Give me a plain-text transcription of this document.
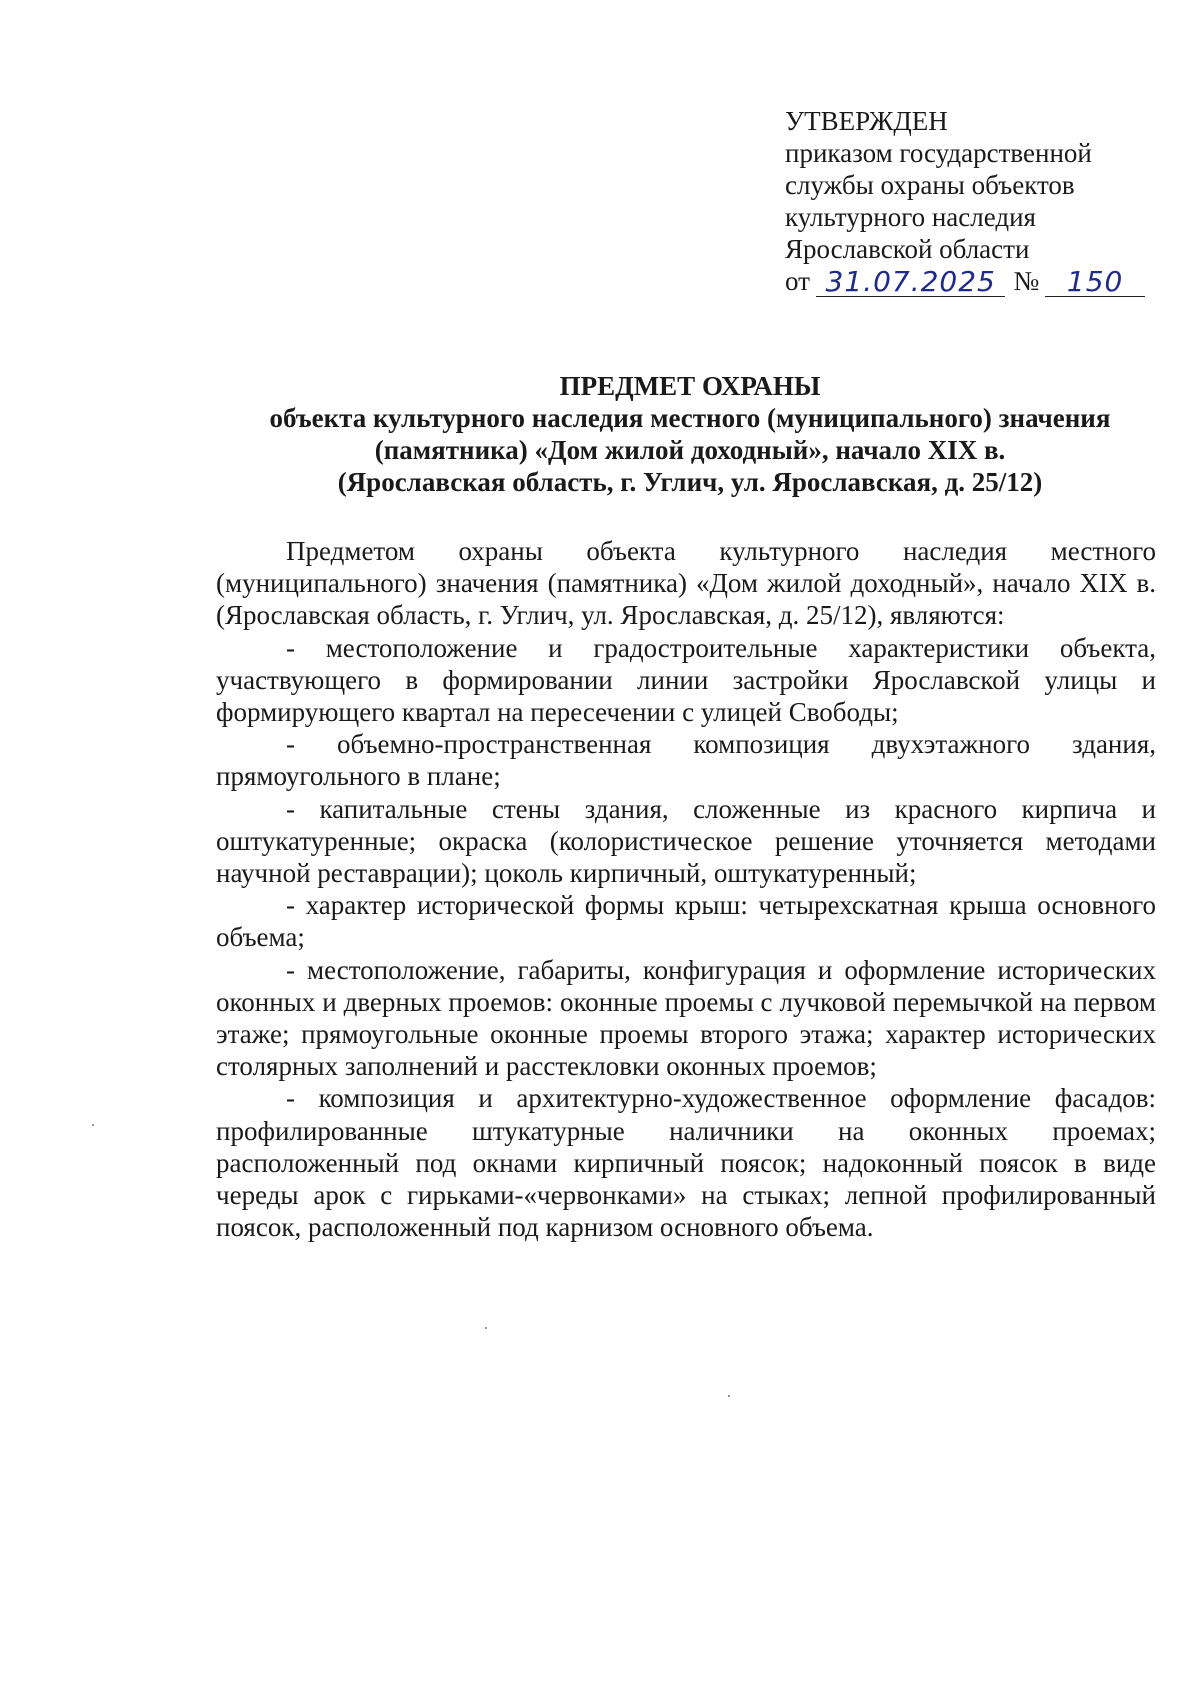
УТВЕРЖДЕН
приказом государственной
службы охраны объектов
культурного наследия
Ярославской области
от 31.07.2025 № 150
ПРЕДМЕТ ОХРАНЫ
объекта культурного наследия местного (муниципального) значения
(памятника) «Дом жилой доходный», начало XIX в.
(Ярославская область, г. Углич, ул. Ярославская, д. 25/12)

Предметом охраны объекта культурного наследия местного (муниципального) значения (памятника) «Дом жилой доходный», начало XIX в. (Ярославская область, г. Углич, ул. Ярославская, д. 25/12), являются:

- местоположение и градостроительные характеристики объекта, участвующего в формировании линии застройки Ярославской улицы и формирующего квартал на пересечении с улицей Свободы;

- объемно-пространственная композиция двухэтажного здания, прямоугольного в плане;

- капитальные стены здания, сложенные из красного кирпича и оштукатуренные; окраска (колористическое решение уточняется методами научной реставрации); цоколь кирпичный, оштукатуренный;

- характер исторической формы крыш: четырехскатная крыша основного объема;

- местоположение, габариты, конфигурация и оформление исторических оконных и дверных проемов: оконные проемы с лучковой перемычкой на первом этаже; прямоугольные оконные проемы второго этажа; характер исторических столярных заполнений и расстекловки оконных проемов;

- композиция и архитектурно-художественное оформление фасадов: профилированные штукатурные наличники на оконных проемах; расположенный под окнами кирпичный поясок; надоконный поясок в виде череды арок с гирьками-«червонками» на стыках; лепной профилированный поясок, расположенный под карнизом основного объема.
